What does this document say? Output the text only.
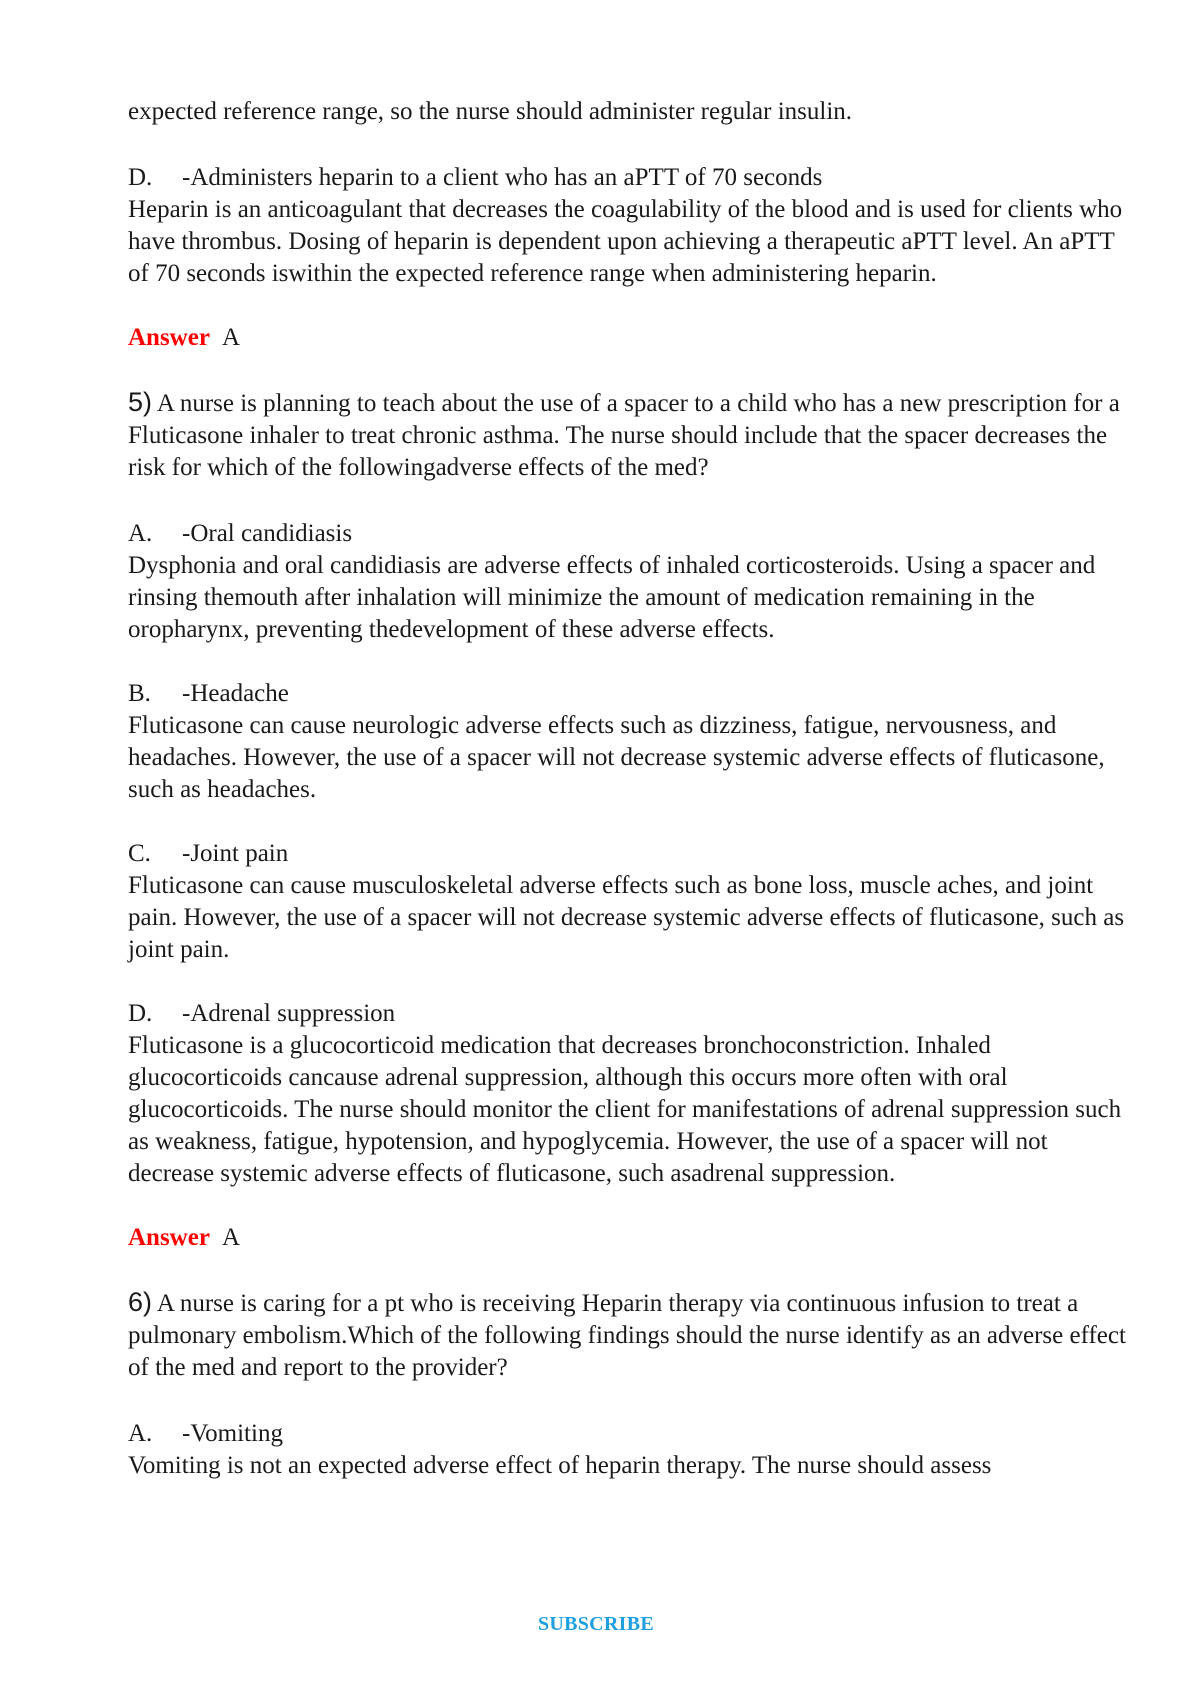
expected reference range, so the nurse should administer regular insulin.

D. -Administers heparin to a client who has an aPTT of 70 seconds

Heparin is an anticoagulant that decreases the coagulability of the blood and is used for clients who have thrombus. Dosing of heparin is dependent upon achieving a therapeutic aPTT level. An aPTT of 70 seconds iswithin the expected reference range when administering heparin.

Answer A

5) A nurse is planning to teach about the use of a spacer to a child who has a new prescription for a Fluticasone inhaler to treat chronic asthma. The nurse should include that the spacer decreases the risk for which of the followingadverse effects of the med?

A. -Oral candidiasis

Dysphonia and oral candidiasis are adverse effects of inhaled corticosteroids. Using a spacer and rinsing themouth after inhalation will minimize the amount of medication remaining in the oropharynx, preventing thedevelopment of these adverse effects.

B. -Headache

Fluticasone can cause neurologic adverse effects such as dizziness, fatigue, nervousness, and headaches. However, the use of a spacer will not decrease systemic adverse effects of fluticasone, such as headaches.

C. -Joint pain

Fluticasone can cause musculoskeletal adverse effects such as bone loss, muscle aches, and joint pain. However, the use of a spacer will not decrease systemic adverse effects of fluticasone, such as joint pain.

D. -Adrenal suppression

Fluticasone is a glucocorticoid medication that decreases bronchoconstriction. Inhaled glucocorticoids cancause adrenal suppression, although this occurs more often with oral glucocorticoids. The nurse should monitor the client for manifestations of adrenal suppression such as weakness, fatigue, hypotension, and hypoglycemia. However, the use of a spacer will not decrease systemic adverse effects of fluticasone, such asadrenal suppression.

Answer A

6) A nurse is caring for a pt who is receiving Heparin therapy via continuous infusion to treat a pulmonary embolism.Which of the following findings should the nurse identify as an adverse effect of the med and report to the provider?

A. -Vomiting

Vomiting is not an expected adverse effect of heparin therapy. The nurse should assess

SUBSCRIBE
